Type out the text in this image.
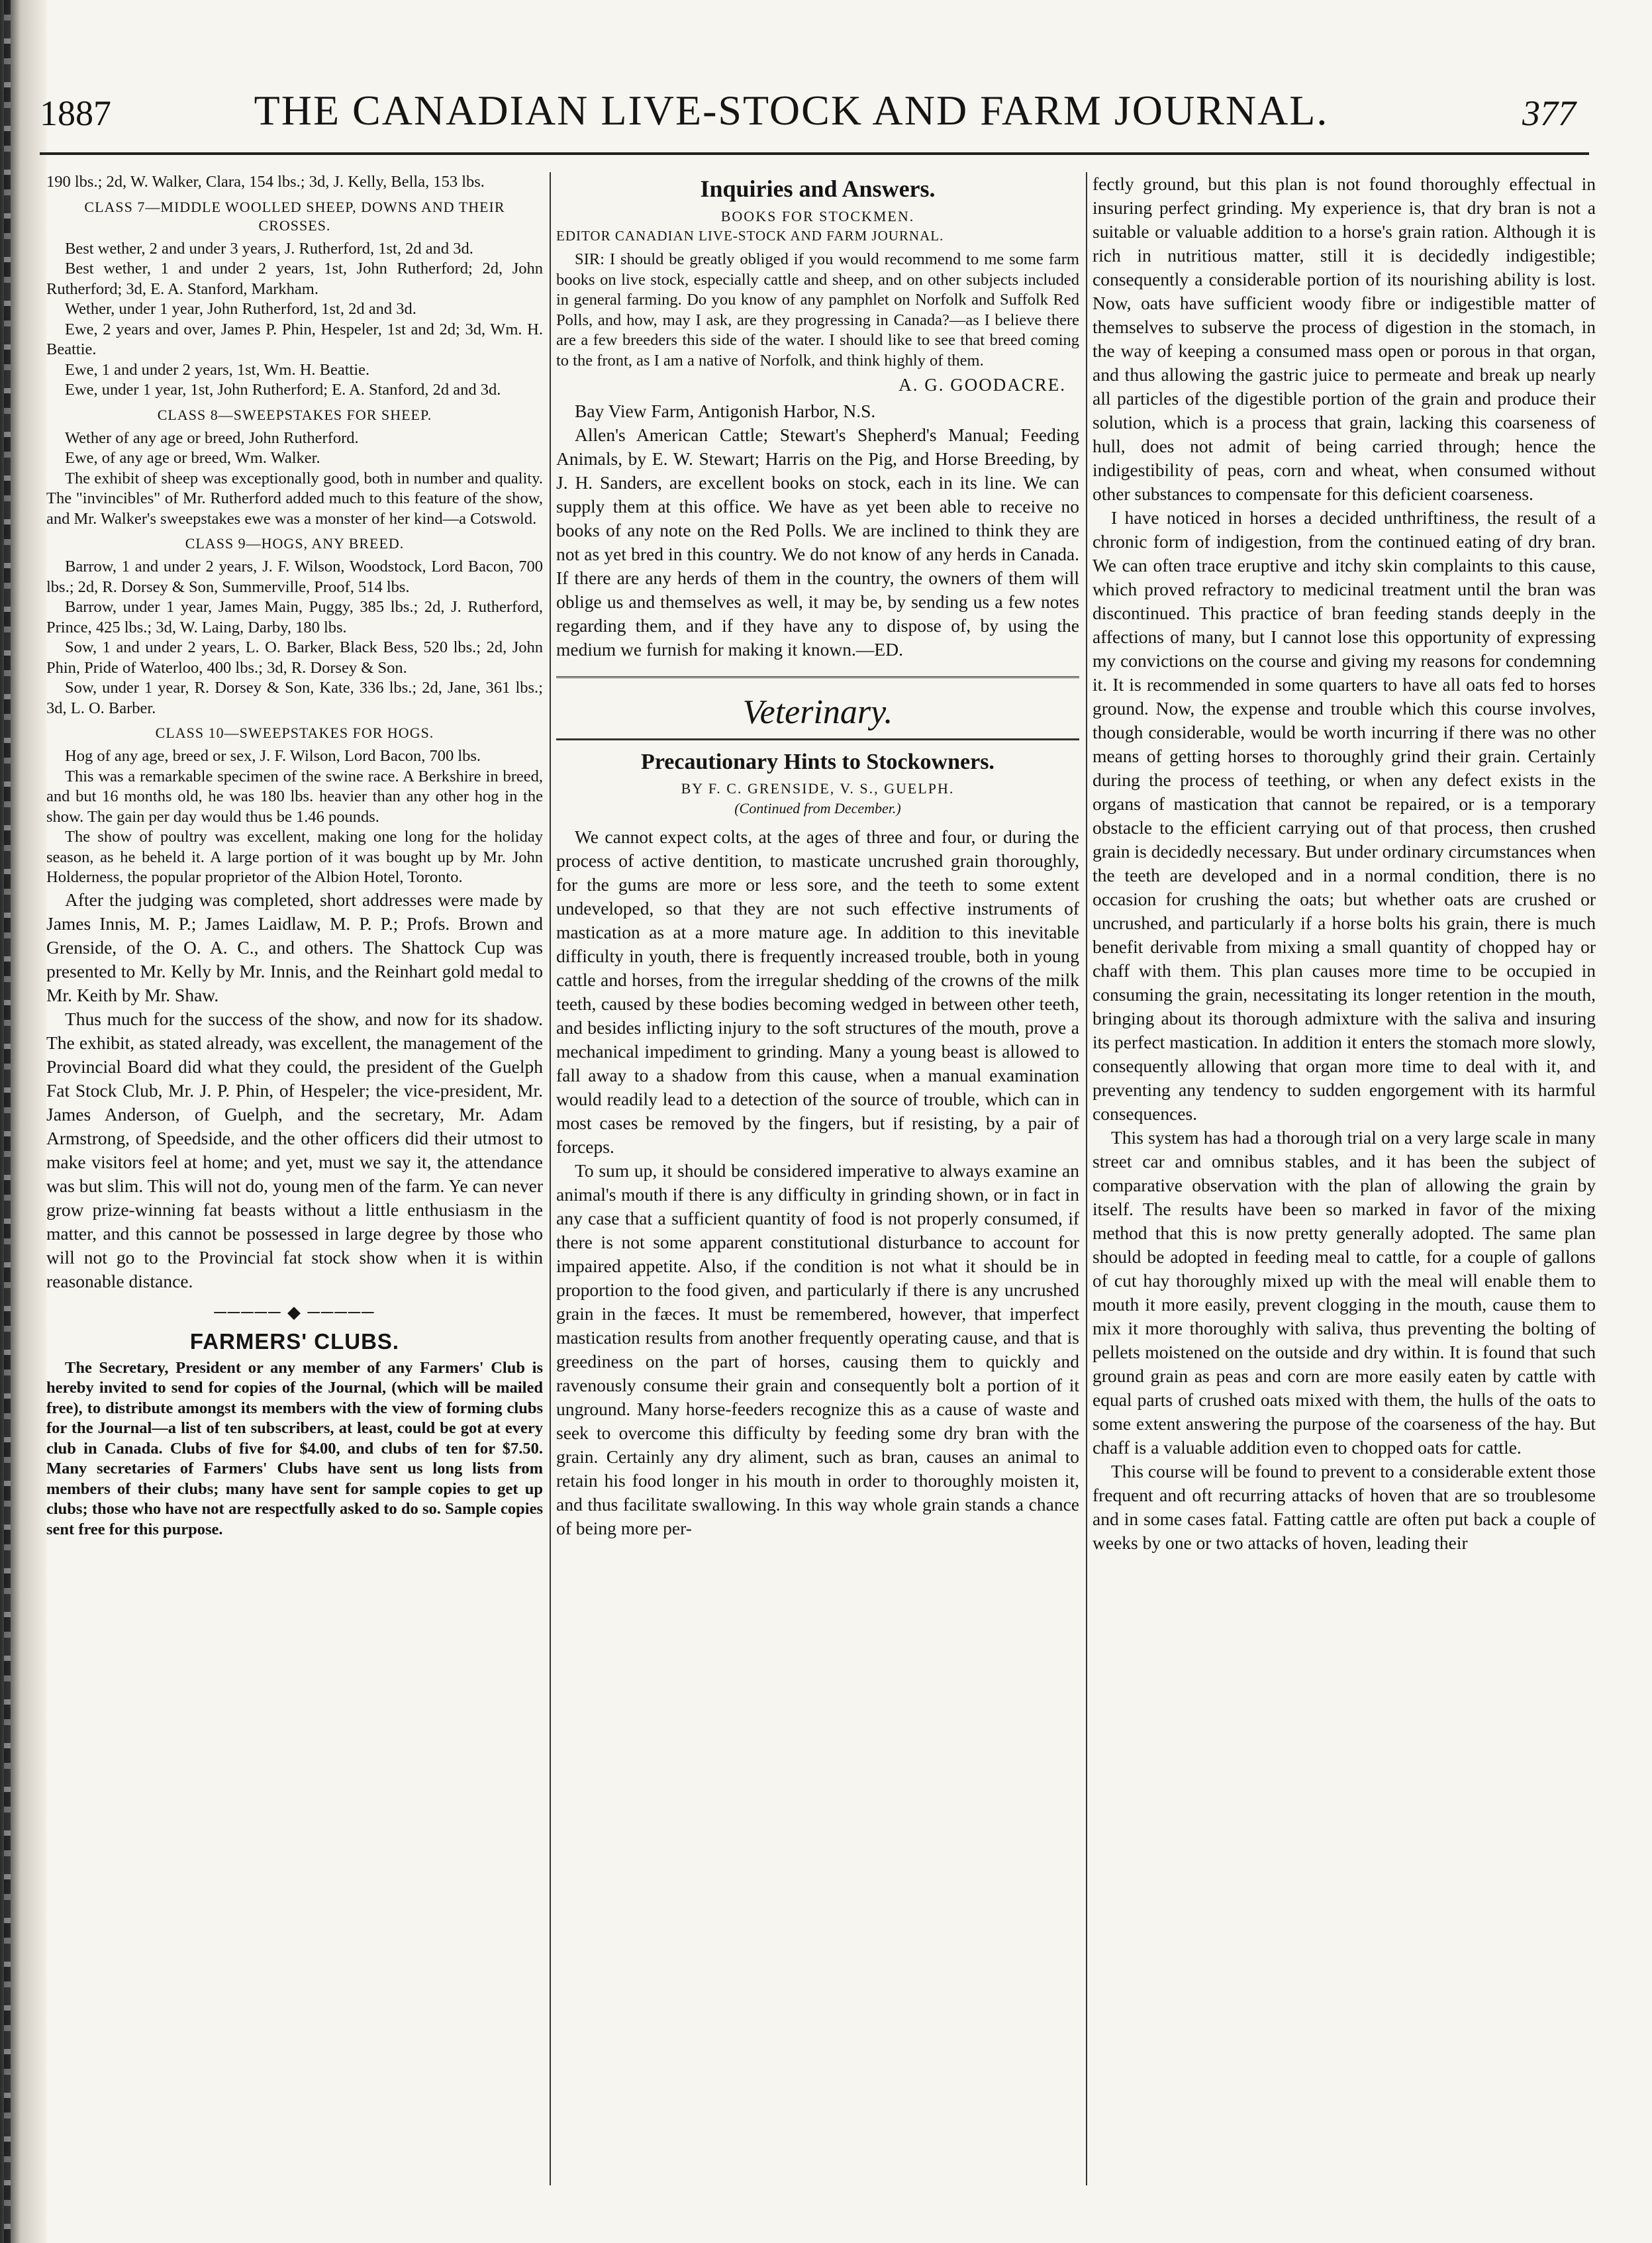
1887	THE CANADIAN LIVE-STOCK AND FARM JOURNAL.	377

190 lbs.; 2d, W. Walker, Clara, 154 lbs.; 3d, J. Kelly, Bella, 153 lbs.

CLASS 7—MIDDLE WOOLLED SHEEP, DOWNS AND THEIR CROSSES.

Best wether, 2 and under 3 years, J. Rutherford, 1st, 2d and 3d.

Best wether, 1 and under 2 years, 1st, John Rutherford; 2d, John Rutherford; 3d, E. A. Stanford, Markham.

Wether, under 1 year, John Rutherford, 1st, 2d and 3d.

Ewe, 2 years and over, James P. Phin, Hespeler, 1st and 2d; 3d, Wm. H. Beattie.

Ewe, 1 and under 2 years, 1st, Wm. H. Beattie.

Ewe, under 1 year, 1st, John Rutherford; E. A. Stanford, 2d and 3d.

CLASS 8—SWEEPSTAKES FOR SHEEP.

Wether of any age or breed, John Rutherford.

Ewe, of any age or breed, Wm. Walker.

The exhibit of sheep was exceptionally good, both in number and quality. The "invincibles" of Mr. Rutherford added much to this feature of the show, and Mr. Walker's sweepstakes ewe was a monster of her kind—a Cotswold.

CLASS 9—HOGS, ANY BREED.

Barrow, 1 and under 2 years, J. F. Wilson, Woodstock, Lord Bacon, 700 lbs.; 2d, R. Dorsey & Son, Summerville, Proof, 514 lbs.

Barrow, under 1 year, James Main, Puggy, 385 lbs.; 2d, J. Rutherford, Prince, 425 lbs.; 3d, W. Laing, Darby, 180 lbs.

Sow, 1 and under 2 years, L. O. Barker, Black Bess, 520 lbs.; 2d, John Phin, Pride of Waterloo, 400 lbs.; 3d, R. Dorsey & Son.

Sow, under 1 year, R. Dorsey & Son, Kate, 336 lbs.; 2d, Jane, 361 lbs.; 3d, L. O. Barber.

CLASS 10—SWEEPSTAKES FOR HOGS.

Hog of any age, breed or sex, J. F. Wilson, Lord Bacon, 700 lbs.

This was a remarkable specimen of the swine race. A Berkshire in breed, and but 16 months old, he was 180 lbs. heavier than any other hog in the show. The gain per day would thus be 1.46 pounds.

The show of poultry was excellent, making one long for the holiday season, as he beheld it. A large portion of it was bought up by Mr. John Holderness, the popular proprietor of the Albion Hotel, Toronto.

After the judging was completed, short addresses were made by James Innis, M. P.; James Laidlaw, M. P. P.; Profs. Brown and Grenside, of the O. A. C., and others. The Shattock Cup was presented to Mr. Kelly by Mr. Innis, and the Reinhart gold medal to Mr. Keith by Mr. Shaw.

Thus much for the success of the show, and now for its shadow. The exhibit, as stated already, was excellent, the management of the Provincial Board did what they could, the president of the Guelph Fat Stock Club, Mr. J. P. Phin, of Hespeler; the vice-president, Mr. James Anderson, of Guelph, and the secretary, Mr. Adam Armstrong, of Speedside, and the other officers did their utmost to make visitors feel at home; and yet, must we say it, the attendance was but slim. This will not do, young men of the farm. Ye can never grow prize-winning fat beasts without a little enthusiasm in the matter, and this cannot be possessed in large degree by those who will not go to the Provincial fat stock show when it is within reasonable distance.

───── ◆ ─────
FARMERS' CLUBS.

The Secretary, President or any member of any Farmers' Club is hereby invited to send for copies of the Journal, (which will be mailed free), to distribute amongst its members with the view of forming clubs for the Journal—a list of ten subscribers, at least, could be got at every club in Canada. Clubs of five for $4.00, and clubs of ten for $7.50. Many secretaries of Farmers' Clubs have sent us long lists from members of their clubs; many have sent for sample copies to get up clubs; those who have not are respectfully asked to do so. Sample copies sent free for this purpose.

Inquiries and Answers.
BOOKS FOR STOCKMEN.
EDITOR CANADIAN LIVE-STOCK AND FARM JOURNAL.

SIR: I should be greatly obliged if you would recommend to me some farm books on live stock, especially cattle and sheep, and on other subjects included in general farming. Do you know of any pamphlet on Norfolk and Suffolk Red Polls, and how, may I ask, are they progressing in Canada?—as I believe there are a few breeders this side of the water. I should like to see that breed coming to the front, as I am a native of Norfolk, and think highly of them.

A. G. GOODACRE.

Bay View Farm, Antigonish Harbor, N.S.

Allen's American Cattle; Stewart's Shepherd's Manual; Feeding Animals, by E. W. Stewart; Harris on the Pig, and Horse Breeding, by J. H. Sanders, are excellent books on stock, each in its line. We can supply them at this office. We have as yet been able to receive no books of any note on the Red Polls. We are inclined to think they are not as yet bred in this country. We do not know of any herds in Canada. If there are any herds of them in the country, the owners of them will oblige us and themselves as well, it may be, by sending us a few notes regarding them, and if they have any to dispose of, by using the medium we furnish for making it known.—ED.

Veterinary.
Precautionary Hints to Stockowners.
BY F. C. GRENSIDE, V. S., GUELPH.
(Continued from December.)

We cannot expect colts, at the ages of three and four, or during the process of active dentition, to masticate uncrushed grain thoroughly, for the gums are more or less sore, and the teeth to some extent undeveloped, so that they are not such effective instruments of mastication as at a more mature age. In addition to this inevitable difficulty in youth, there is frequently increased trouble, both in young cattle and horses, from the irregular shedding of the crowns of the milk teeth, caused by these bodies becoming wedged in between other teeth, and besides inflicting injury to the soft structures of the mouth, prove a mechanical impediment to grinding. Many a young beast is allowed to fall away to a shadow from this cause, when a manual examination would readily lead to a detection of the source of trouble, which can in most cases be removed by the fingers, but if resisting, by a pair of forceps.

To sum up, it should be considered imperative to always examine an animal's mouth if there is any difficulty in grinding shown, or in fact in any case that a sufficient quantity of food is not properly consumed, if there is not some apparent constitutional disturbance to account for impaired appetite. Also, if the condition is not what it should be in proportion to the food given, and particularly if there is any uncrushed grain in the fæces. It must be remembered, however, that imperfect mastication results from another frequently operating cause, and that is greediness on the part of horses, causing them to quickly and ravenously consume their grain and consequently bolt a portion of it unground. Many horse-feeders recognize this as a cause of waste and seek to overcome this difficulty by feeding some dry bran with the grain. Certainly any dry aliment, such as bran, causes an animal to retain his food longer in his mouth in order to thoroughly moisten it, and thus facilitate swallowing. In this way whole grain stands a chance of being more per-

fectly ground, but this plan is not found thoroughly effectual in insuring perfect grinding. My experience is, that dry bran is not a suitable or valuable addition to a horse's grain ration. Although it is rich in nutritious matter, still it is decidedly indigestible; consequently a considerable portion of its nourishing ability is lost. Now, oats have sufficient woody fibre or indigestible matter of themselves to subserve the process of digestion in the stomach, in the way of keeping a consumed mass open or porous in that organ, and thus allowing the gastric juice to permeate and break up nearly all particles of the digestible portion of the grain and produce their solution, which is a process that grain, lacking this coarseness of hull, does not admit of being carried through; hence the indigestibility of peas, corn and wheat, when consumed without other substances to compensate for this deficient coarseness.

I have noticed in horses a decided unthriftiness, the result of a chronic form of indigestion, from the continued eating of dry bran. We can often trace eruptive and itchy skin complaints to this cause, which proved refractory to medicinal treatment until the bran was discontinued. This practice of bran feeding stands deeply in the affections of many, but I cannot lose this opportunity of expressing my convictions on the course and giving my reasons for condemning it. It is recommended in some quarters to have all oats fed to horses ground. Now, the expense and trouble which this course involves, though considerable, would be worth incurring if there was no other means of getting horses to thoroughly grind their grain. Certainly during the process of teething, or when any defect exists in the organs of mastication that cannot be repaired, or is a temporary obstacle to the efficient carrying out of that process, then crushed grain is decidedly necessary. But under ordinary circumstances when the teeth are developed and in a normal condition, there is no occasion for crushing the oats; but whether oats are crushed or uncrushed, and particularly if a horse bolts his grain, there is much benefit derivable from mixing a small quantity of chopped hay or chaff with them. This plan causes more time to be occupied in consuming the grain, necessitating its longer retention in the mouth, bringing about its thorough admixture with the saliva and insuring its perfect mastication. In addition it enters the stomach more slowly, consequently allowing that organ more time to deal with it, and preventing any tendency to sudden engorgement with its harmful consequences.

This system has had a thorough trial on a very large scale in many street car and omnibus stables, and it has been the subject of comparative observation with the plan of allowing the grain by itself. The results have been so marked in favor of the mixing method that this is now pretty generally adopted. The same plan should be adopted in feeding meal to cattle, for a couple of gallons of cut hay thoroughly mixed up with the meal will enable them to mouth it more easily, prevent clogging in the mouth, cause them to mix it more thoroughly with saliva, thus preventing the bolting of pellets moistened on the outside and dry within. It is found that such ground grain as peas and corn are more easily eaten by cattle with equal parts of crushed oats mixed with them, the hulls of the oats to some extent answering the purpose of the coarseness of the hay. But chaff is a valuable addition even to chopped oats for cattle.

This course will be found to prevent to a considerable extent those frequent and oft recurring attacks of hoven that are so troublesome and in some cases fatal. Fatting cattle are often put back a couple of weeks by one or two attacks of hoven, leading their
